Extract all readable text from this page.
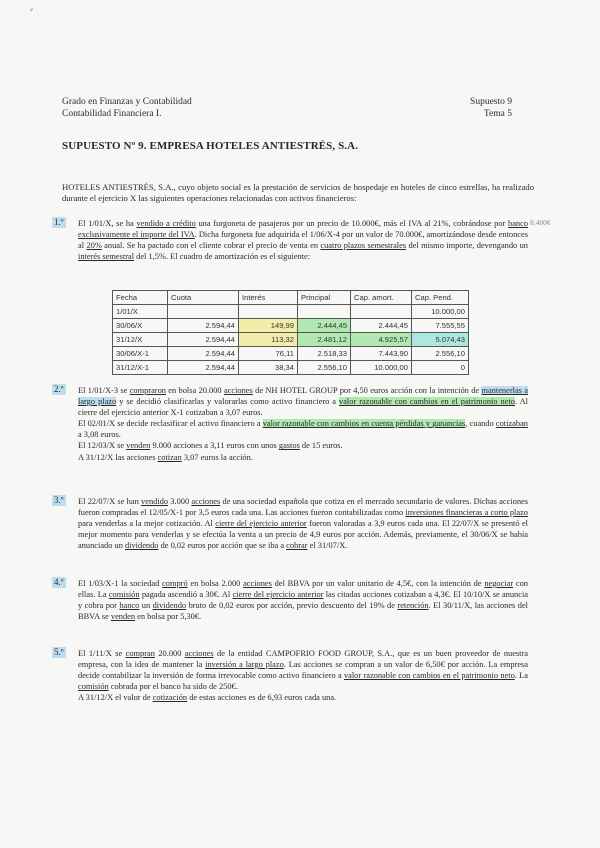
⸗
Grado en Finanzas y Contabilidad
Contabilidad Financiera I.
Supuesto 9
Tema 5
SUPUESTO Nº 9. EMPRESA HOTELES ANTIESTRÉS, S.A.
HOTELES ANTIESTRÉS, S.A., cuyo objeto social es la prestación de servicios de hospedaje en hoteles de cinco estrellas, ha realizado durante el ejercicio X las siguientes operaciones relacionadas con activos financieros:
8.400€
1.º El 1/01/X, se ha vendido a crédito una furgoneta de pasajeros por un precio de 10.000€, más el IVA al 21%, cobrándose por banco exclusivamente el importe del IVA. Dicha furgoneta fue adquirida el 1/06/X-4 por un valor de 70.000€, amortizándose desde entonces al 20% anual. Se ha pactado con el cliente cobrar el precio de venta en cuatro plazos semestrales del mismo importe, devengando un interés semestral del 1,5%. El cuadro de amortización es el siguiente:

Fecha	Cuota	Interés	Principal	Cap. amort.	Cap. Pend.
1/01/X					10.000,00
30/06/X	2.594,44	149,99	2.444,45	2.444,45	7.555,55
31/12/X	2.594,44	113,32	2.481,12	4.925,57	5.074,43
30/06/X-1	2.594,44	76,11	2.518,33	7.443,90	2.556,10
31/12/X-1	2.594,44	38,34	2.556,10	10.000,00	0
2.º El 1/01/X-3 se compraron en bolsa 20.000 acciones de NH HOTEL GROUP por 4,50 euros acción con la intención de mantenerlas a largo plazo y se decidió clasificarlas y valorarlas como activo financiero a valor razonable con cambios en el patrimonio neto. Al cierre del ejercicio anterior X-1 cotizaban a 3,07 euros.

El 02/01/X se decide reclasificar el activo financiero a valor razonable con cambios en cuenta pérdidas y ganancias, cuando cotizaban a 3,08 euros.

El 12/03/X se venden 9.000 acciones a 3,11 euros con unos gastos de 15 euros.

A 31/12/X las acciones cotizan 3,07 euros la acción.

3.º El 22/07/X se han vendido 3.000 acciones de una sociedad española que cotiza en el mercado secundario de valores. Dichas acciones fueron compradas el 12/05/X-1 por 3,5 euros cada una. Las acciones fueron contabilizadas como inversiones financieras a corto plazo para venderlas a la mejor cotización. Al cierre del ejercicio anterior fueron valoradas a 3,9 euros cada una. El 22/07/X se presentó el mejor momento para venderlas y se efectúa la venta a un precio de 4,9 euros por acción. Además, previamente, el 30/06/X se había anunciado un dividendo de 0,02 euros por acción que se iba a cobrar el 31/07/X.

4.º El 1/03/X-1 la sociedad compró en bolsa 2.000 acciones del BBVA por un valor unitario de 4,5€, con la intención de negociar con ellas. La comisión pagada ascendió a 30€. Al cierre del ejercicio anterior las citadas acciones cotizaban a 4,3€. El 10/10/X se anuncia y cobra por banco un dividendo bruto de 0,02 euros por acción, previo descuento del 19% de retención. El 30/11/X, las acciones del BBVA se venden en bolsa por 5,30€.

5.º El 1/11/X se compran 20.000 acciones de la entidad CAMPOFRIO FOOD GROUP, S.A., que es un buen proveedor de nuestra empresa, con la idea de mantener la inversión a largo plazo. Las acciones se compran a un valor de 6,50€ por acción. La empresa decide contabilizar la inversión de forma irrevocable como activo financiero a valor razonable con cambios en el patrimonio neto. La comisión cobrada por el banco ha sido de 250€.

A 31/12/X el valor de cotización de estas acciones es de 6,93 euros cada una.
